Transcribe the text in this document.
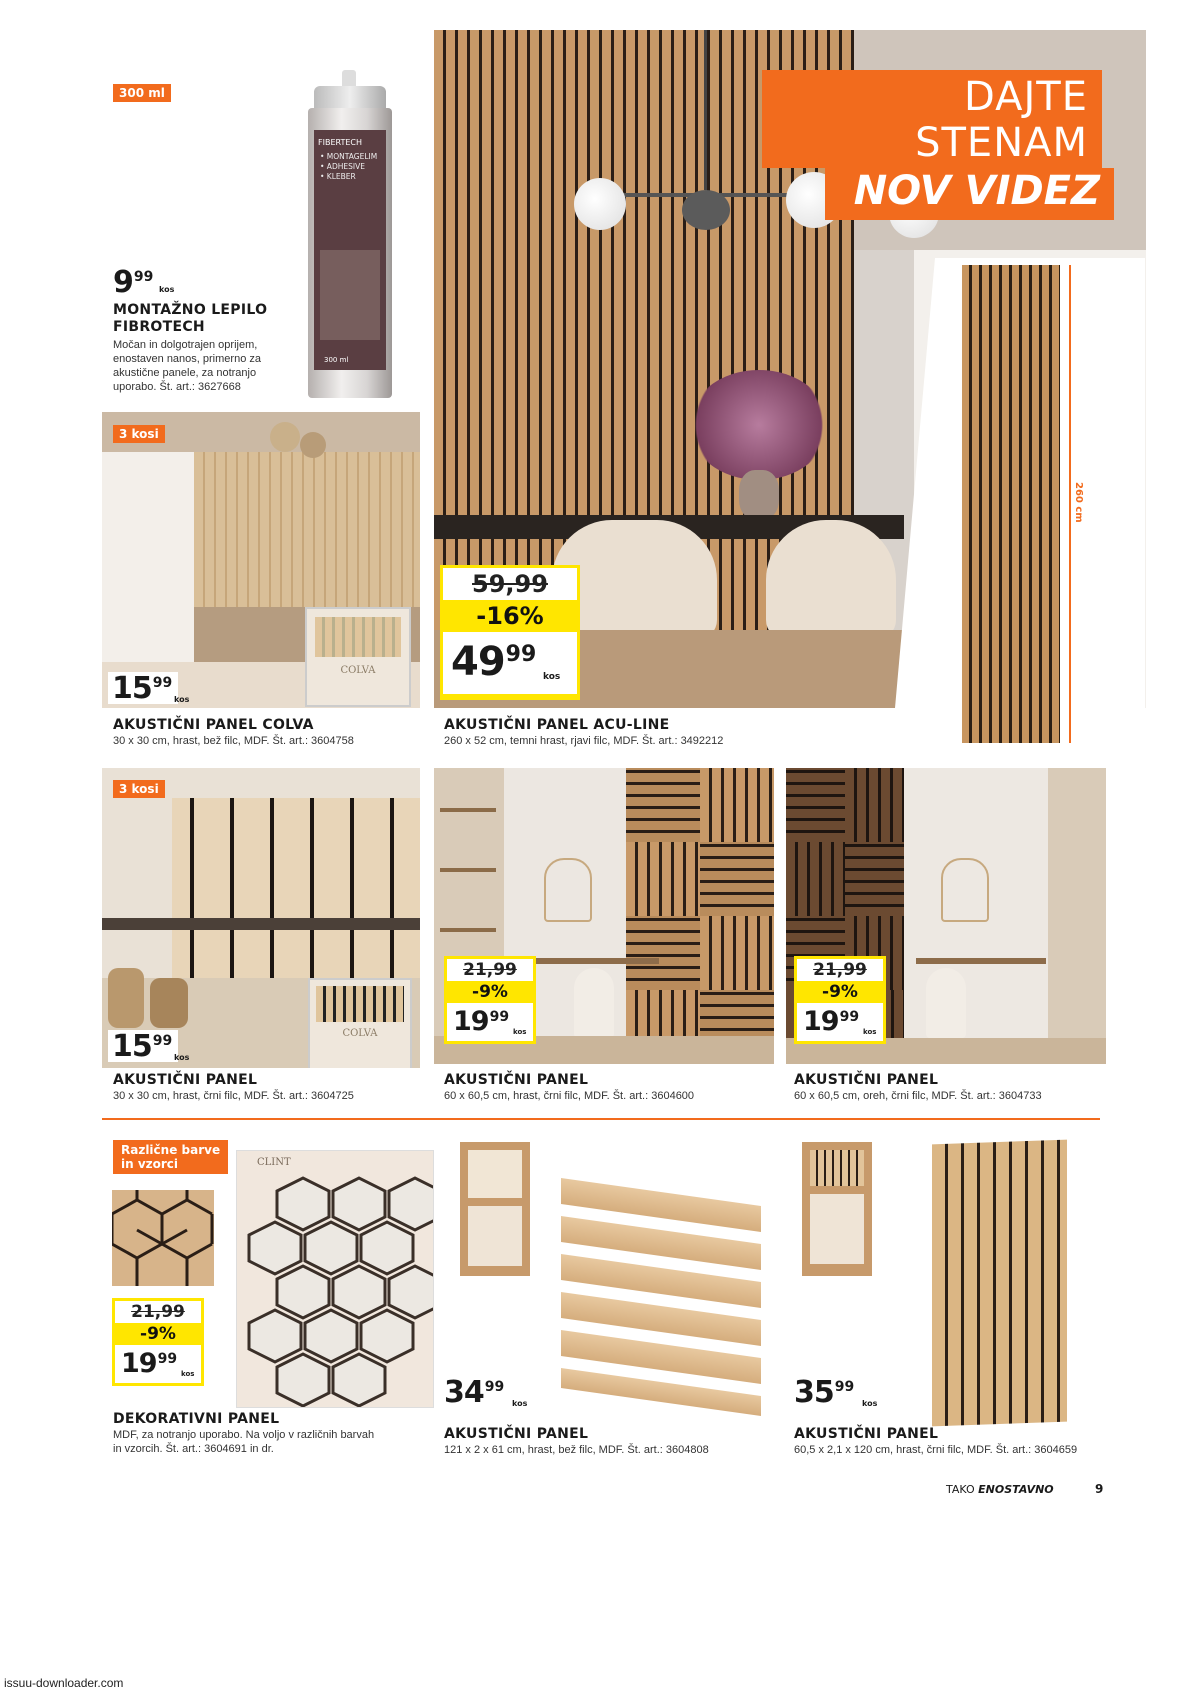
300 ml
FIBERTECH
• MONTAGELIM
• ADHESIVE
• KLEBER
300 ml
9 99
kos
MONTAŽNO LEPILO
FIBROTECH
Močan in dolgotrajen oprijem,
enostaven nanos, primerno za
akustične panele, za notranjo
uporabo. Št. art.: 3627668
DAJTE STENAM
NOV VIDEZ
260 cm
59,99
-16%
49 99
kos
COLVA
3 kosi
15 99
kos
AKUSTIČNI PANEL COLVA
30 x 30 cm, hrast, bež filc, MDF. Št. art.: 3604758
AKUSTIČNI PANEL ACU-LINE
260 x 52 cm, temni hrast, rjavi filc, MDF. Št. art.: 3492212
COLVA
3 kosi
15 99
kos
AKUSTIČNI PANEL
30 x 30 cm, hrast, črni filc, MDF. Št. art.: 3604725
21,99
-9%
19 99
kos
AKUSTIČNI PANEL
60 x 60,5 cm, hrast, črni filc, MDF. Št. art.: 3604600
21,99
-9%
19 99
kos
AKUSTIČNI PANEL
60 x 60,5 cm, oreh, črni filc, MDF. Št. art.: 3604733
Različne barve
in vzorci	CLINT
21,99
-9%
19 99
kos
DEKORATIVNI PANEL
MDF, za notranjo uporabo. Na voljo v različnih barvah
in vzorcih. Št. art.: 3604691 in dr.
34 99
kos
AKUSTIČNI PANEL
121 x 2 x 61 cm, hrast, bež filc, MDF. Št. art.: 3604808
35 99
kos
AKUSTIČNI PANEL
60,5 x 2,1 x 120 cm, hrast, črni filc, MDF. Št. art.: 3604659
TAKO ENOSTAVNO	9
issuu-downloader.com
